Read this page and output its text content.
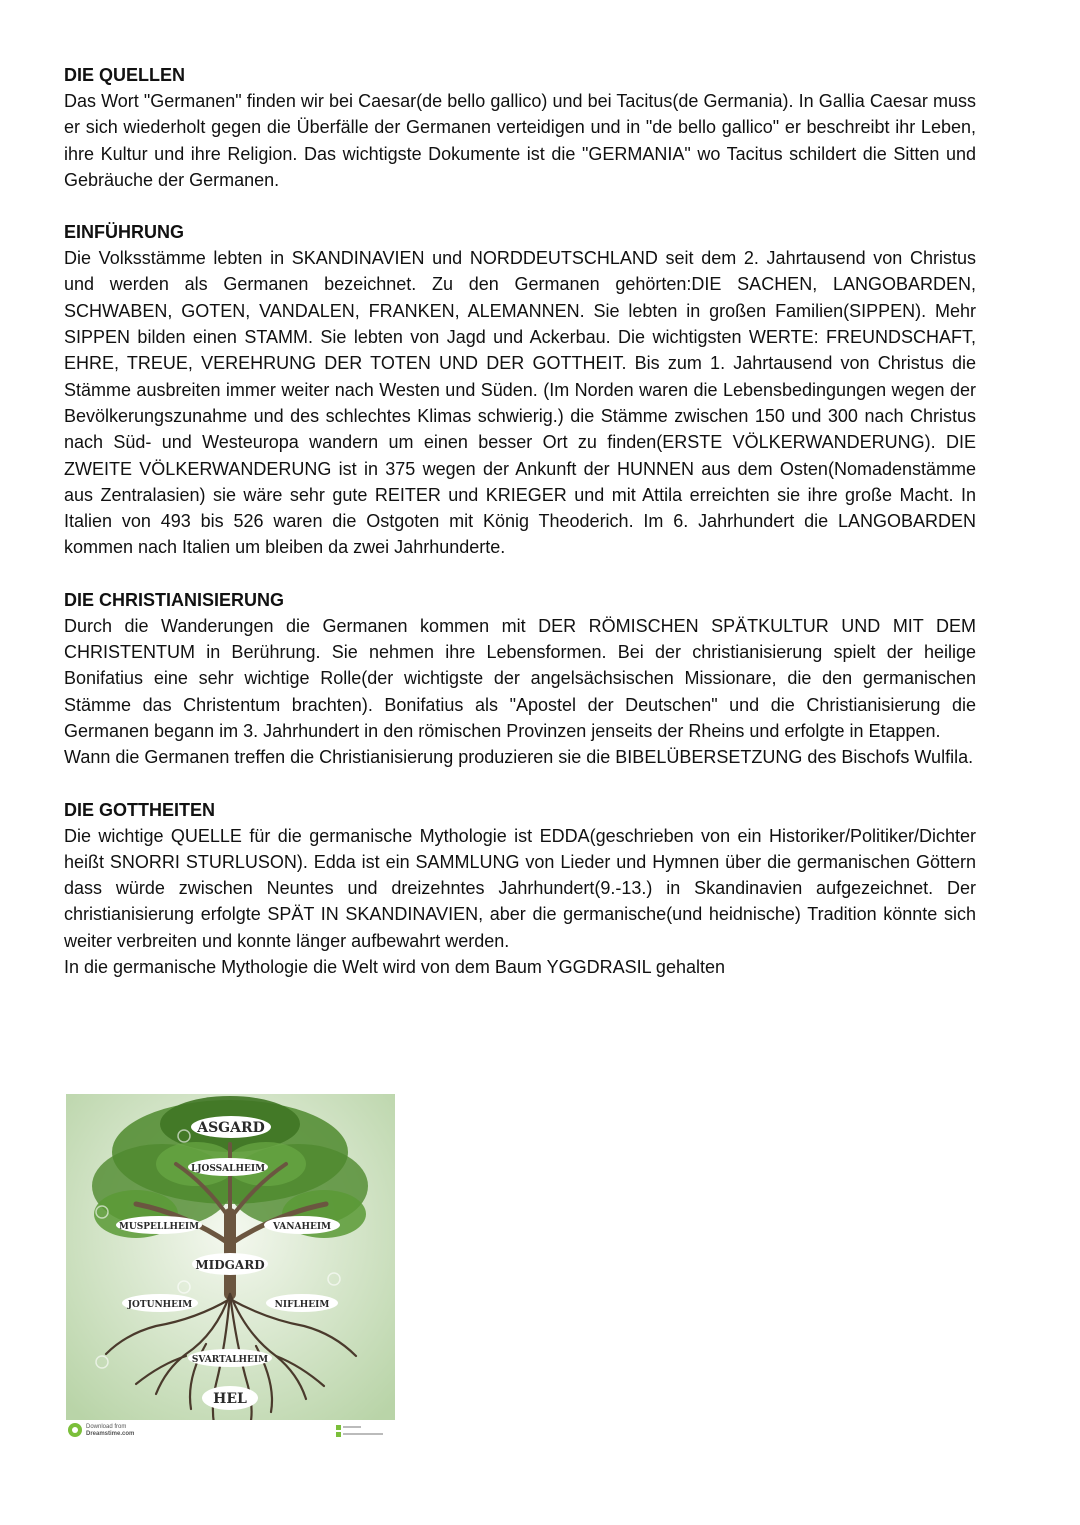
DIE QUELLEN

Das Wort "Germanen" finden wir bei Caesar(de bello gallico) und bei Tacitus(de Germania). In Gallia Caesar muss er sich wiederholt gegen die Überfälle der Germanen verteidigen und in "de bello gallico" er beschreibt ihr Leben, ihre Kultur und ihre Religion. Das wichtigste Dokumente ist die "GERMANIA" wo Tacitus schildert die Sitten und Gebräuche der Germanen.

EINFÜHRUNG

Die Volksstämme lebten in SKANDINAVIEN und NORDDEUTSCHLAND seit dem 2. Jahrtausend von Christus und werden als Germanen bezeichnet. Zu den Germanen gehörten:DIE SACHEN, LANGOBARDEN, SCHWABEN, GOTEN, VANDALEN, FRANKEN, ALEMANNEN. Sie lebten in großen Familien(SIPPEN). Mehr SIPPEN bilden einen STAMM. Sie lebten von Jagd und Ackerbau. Die wichtigsten WERTE: FREUNDSCHAFT, EHRE, TREUE, VEREHRUNG DER TOTEN UND DER GOTTHEIT. Bis zum 1. Jahrtausend von Christus die Stämme ausbreiten immer weiter nach Westen und Süden. (Im Norden waren die Lebensbedingungen wegen der Bevölkerungszunahme und des schlechtes Klimas schwierig.) die Stämme zwischen 150 und 300 nach Christus nach Süd- und Westeuropa wandern um einen besser Ort zu finden(ERSTE VÖLKERWANDERUNG). DIE ZWEITE VÖLKERWANDERUNG ist in 375 wegen der Ankunft der HUNNEN aus dem Osten(Nomadenstämme aus Zentralasien) sie wäre sehr gute REITER und KRIEGER und mit Attila erreichten sie ihre große Macht. In Italien von 493 bis 526 waren die Ostgoten mit König Theoderich. Im 6. Jahrhundert die LANGOBARDEN kommen nach Italien um bleiben da zwei Jahrhunderte.

DIE CHRISTIANISIERUNG

Durch die Wanderungen die Germanen kommen mit DER RÖMISCHEN SPÄTKULTUR UND MIT DEM CHRISTENTUM in Berührung. Sie nehmen ihre Lebensformen. Bei der christianisierung spielt der heilige Bonifatius eine sehr wichtige Rolle(der wichtigste der angelsächsischen Missionare, die den germanischen Stämme das Christentum brachten). Bonifatius als "Apostel der Deutschen" und die Christianisierung die Germanen begann im 3. Jahrhundert in den römischen Provinzen jenseits der Rheins und erfolgte in Etappen.

Wann die Germanen treffen die Christianisierung produzieren sie die BIBELÜBERSETZUNG des Bischofs Wulfila.

DIE GOTTHEITEN

Die wichtige QUELLE für die germanische Mythologie ist EDDA(geschrieben von ein Historiker/Politiker/Dichter heißt SNORRI STURLUSON). Edda ist ein SAMMLUNG von Lieder und Hymnen über die germanischen Göttern dass würde zwischen Neuntes und dreizehntes Jahrhundert(9.-13.) in Skandinavien aufgezeichnet. Der christianisierung erfolgte SPÄT IN SKANDINAVIEN, aber die germanische(und heidnische) Tradition könnte sich weiter verbreiten und konnte länger aufbewahrt werden.

In die germanische Mythologie die Welt wird von dem Baum YGGDRASIL gehalten

ASGARD
LJOSSALHEIM
MUSPELLHEIM	VANAHEIM
MIDGARD
JOTUNHEIM	NIFLHEIM
SVARTALHEIM
HEL
Download from
Dreamstime.com
